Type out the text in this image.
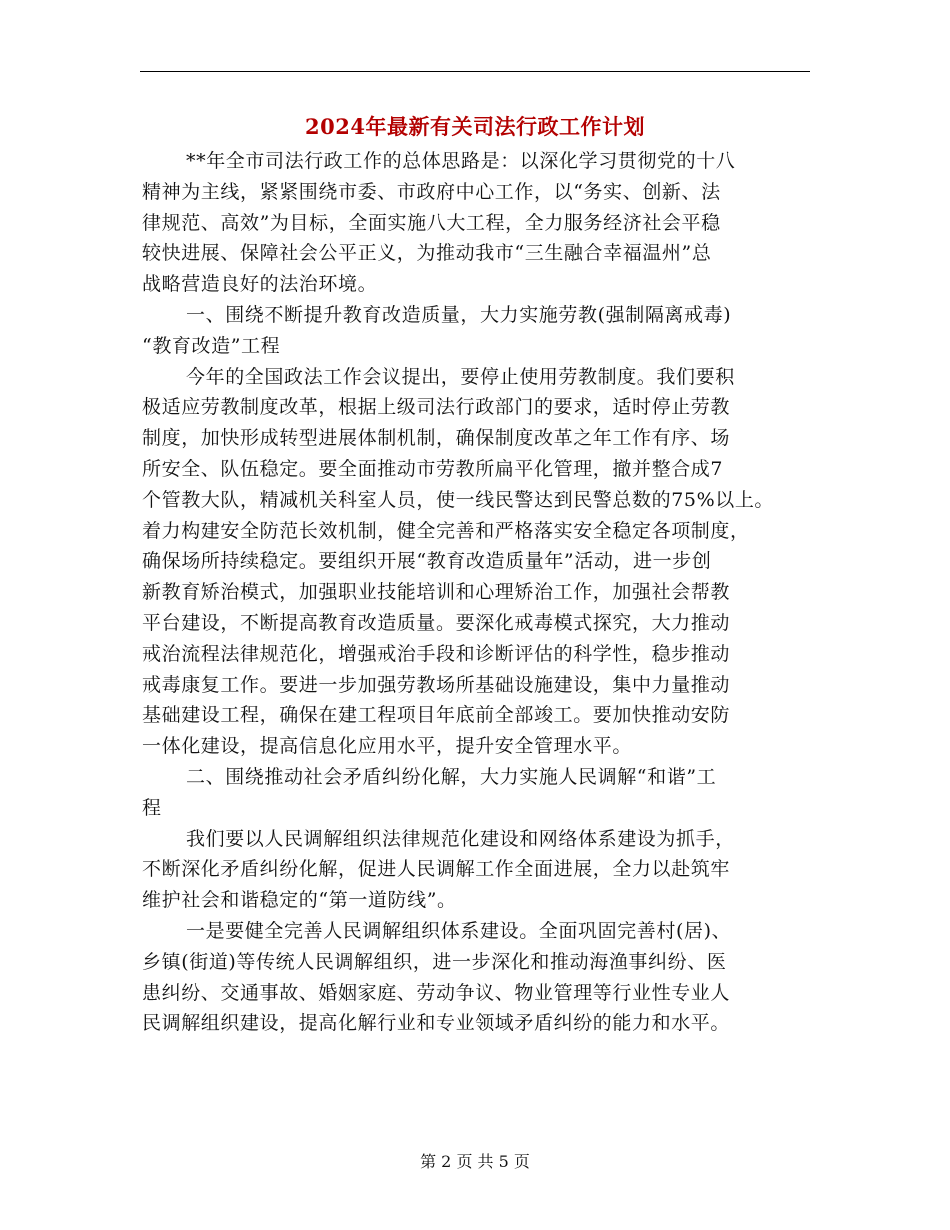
2024年最新有关司法行政工作计划
**年全市司法行政工作的总体思路是：以深化学习贯彻党的十八
精神为主线，紧紧围绕市委、市政府中心工作，以“务实、创新、法
律规范、高效”为目标，全面实施八大工程，全力服务经济社会平稳
较快进展、保障社会公平正义，为推动我市“三生融合幸福温州”总
战略营造良好的法治环境。
一、围绕不断提升教育改造质量，大力实施劳教(强制隔离戒毒)
“教育改造”工程
今年的全国政法工作会议提出，要停止使用劳教制度。我们要积
极适应劳教制度改革，根据上级司法行政部门的要求，适时停止劳教
制度，加快形成转型进展体制机制，确保制度改革之年工作有序、场
所安全、队伍稳定。要全面推动市劳教所扁平化管理，撤并整合成7
个管教大队，精减机关科室人员，使一线民警达到民警总数的75%以上。
着力构建安全防范长效机制，健全完善和严格落实安全稳定各项制度，
确保场所持续稳定。要组织开展“教育改造质量年”活动，进一步创
新教育矫治模式，加强职业技能培训和心理矫治工作，加强社会帮教
平台建设，不断提高教育改造质量。要深化戒毒模式探究，大力推动
戒治流程法律规范化，增强戒治手段和诊断评估的科学性，稳步推动
戒毒康复工作。要进一步加强劳教场所基础设施建设，集中力量推动
基础建设工程，确保在建工程项目年底前全部竣工。要加快推动安防
一体化建设，提高信息化应用水平，提升安全管理水平。
二、围绕推动社会矛盾纠纷化解，大力实施人民调解“和谐”工
程
我们要以人民调解组织法律规范化建设和网络体系建设为抓手，
不断深化矛盾纠纷化解，促进人民调解工作全面进展，全力以赴筑牢
维护社会和谐稳定的“第一道防线”。
一是要健全完善人民调解组织体系建设。全面巩固完善村(居)、
乡镇(街道)等传统人民调解组织，进一步深化和推动海渔事纠纷、医
患纠纷、交通事故、婚姻家庭、劳动争议、物业管理等行业性专业人
民调解组织建设，提高化解行业和专业领域矛盾纠纷的能力和水平。
第 2 页 共 5 页
